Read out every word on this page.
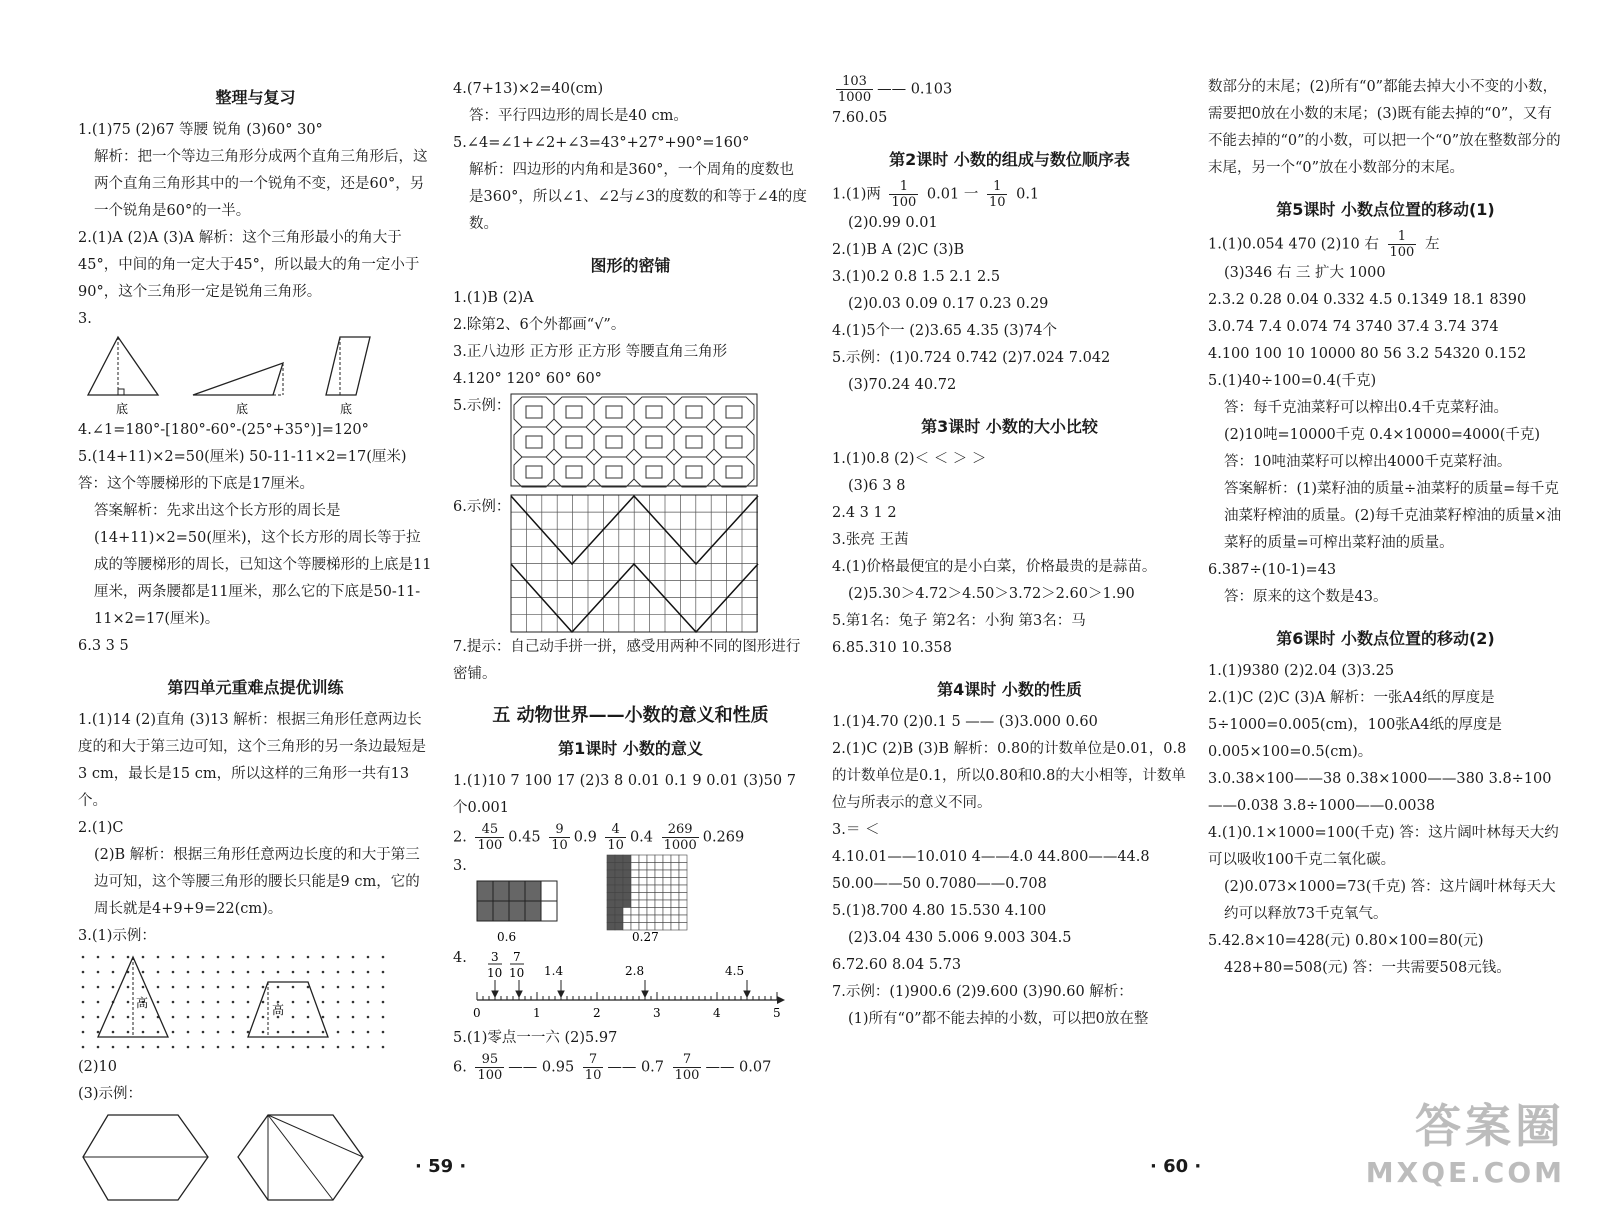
整理与复习

1.(1)75 (2)67 等腰 锐角 (3)60° 30°

解析：把一个等边三角形分成两个直角三角形后，这两个直角三角形其中的一个锐角不变，还是60°，另一个锐角是60°的一半。

2.(1)A (2)A (3)A 解析：这个三角形最小的角大于45°，中间的角一定大于45°，所以最大的角一定小于90°，这个三角形一定是锐角三角形。

3.

底	底	底

4.∠1=180°-[180°-60°-(25°+35°)]=120°

5.(14+11)×2=50(厘米) 50-11-11×2=17(厘米) 答：这个等腰梯形的下底是17厘米。

答案解析：先求出这个长方形的周长是(14+11)×2=50(厘米)，这个长方形的周长等于拉成的等腰梯形的周长，已知这个等腰梯形的上底是11厘米，两条腰都是11厘米，那么它的下底是50-11-11×2=17(厘米)。

6.3 3 5

第四单元重难点提优训练

1.(1)14 (2)直角 (3)13 解析：根据三角形任意两边长度的和大于第三边可知，这个三角形的另一条边最短是3 cm，最长是15 cm，所以这样的三角形一共有13个。

2.(1)C

(2)B 解析：根据三角形任意两边长度的和大于第三边可知，这个等腰三角形的腰长只能是9 cm，它的周长就是4+9+9=22(cm)。

3.(1)示例：

高	高

(2)10

(3)示例：

4.(7+13)×2=40(cm)

答：平行四边形的周长是40 cm。

5.∠4=∠1+∠2+∠3=43°+27°+90°=160°

解析：四边形的内角和是360°，一个周角的度数也是360°，所以∠1、∠2与∠3的度数的和等于∠4的度数。

图形的密铺

1.(1)B (2)A

2.除第2、6个外都画“√”。

3.正八边形 正方形 正方形 等腰直角三角形

4.120° 120° 60° 60°

5.示例：

6.示例：

7.提示：自己动手拼一拼，感受用两种不同的图形进行密铺。

五 动物世界——小数的意义和性质
第1课时 小数的意义

1.(1)10 7 100 17 (2)3 8 0.01 0.1 9 0.01 (3)50 7个0.001

2. $\frac{45}{100} 0.45 \frac{9}{10} 0.9 \frac{4}{10} 0.4 \frac{269}{1000} 0.269$

3.

0.6	0.27

4. 3
10
7
10 1.4	2.8	4.5
0	1	2	3	4	5

5.(1)零点一一六 (2)5.97

6. $\frac{95}{100}$ —— $0.95 \frac{7}{10}$ —— $0.7 \frac{7}{100}$ —— 0.07

$\frac{103}{1000}$ —— 0.103

7.60.05

第2课时 小数的组成与数位顺序表

1.(1)两 $\frac{1}{100} 0.01$ 一 $\frac{1}{10} 0.1$

(2)0.99 0.01

2.(1)B A (2)C (3)B

3.(1)0.2 0.8 1.5 2.1 2.5

(2)0.03 0.09 0.17 0.23 0.29

4.(1)5个一 (2)3.65 4.35 (3)74个

5.示例：(1)0.724 0.742 (2)7.024 7.042

(3)70.24 40.72

第3课时 小数的大小比较

1.(1)0.8 (2)＜ ＜ ＞ ＞

(3)6 3 8

2.4 3 1 2

3.张亮 王茜

4.(1)价格最便宜的是小白菜，价格最贵的是蒜苗。

(2)5.30＞4.72＞4.50＞3.72＞2.60＞1.90

5.第1名：兔子 第2名：小狗 第3名：马

6.85.310 10.358

第4课时 小数的性质

1.(1)4.70 (2)0.1 5 —— (3)3.000 0.60

2.(1)C (2)B (3)B 解析：0.80的计数单位是0.01，0.8的计数单位是0.1，所以0.80和0.8的大小相等，计数单位与所表示的意义不同。

3.＝ ＜

4.10.01——10.010 4——4.0 44.800——44.8 50.00——50 0.7080——0.708

5.(1)8.700 4.80 15.530 4.100

(2)3.04 430 5.006 9.003 304.5

6.72.60 8.04 5.73

7.示例：(1)900.6 (2)9.600 (3)90.60 解析：

(1)所有“0”都不能去掉的小数，可以把0放在整

数部分的末尾；(2)所有“0”都能去掉大小不变的小数，需要把0放在小数的末尾；(3)既有能去掉的“0”，又有不能去掉的“0”的小数，可以把一个“0”放在整数部分的末尾，另一个“0”放在小数部分的末尾。

第5课时 小数点位置的移动(1)

1.(1)0.054 470 (2)10 右 $\frac{1}{100}$ 左

(3)346 右 三 扩大 1000

2.3.2 0.28 0.04 0.332 4.5 0.1349 18.1 8390

3.0.74 7.4 0.074 74 3740 37.4 3.74 374

4.100 100 10 10000 80 56 3.2 54320 0.152

5.(1)40÷100=0.4(千克)

答：每千克油菜籽可以榨出0.4千克菜籽油。

(2)10吨=10000千克 0.4×10000=4000(千克)

答：10吨油菜籽可以榨出4000千克菜籽油。

答案解析：(1)菜籽油的质量÷油菜籽的质量=每千克油菜籽榨油的质量。(2)每千克油菜籽榨油的质量×油菜籽的质量=可榨出菜籽油的质量。

6.387÷(10-1)=43

答：原来的这个数是43。

第6课时 小数点位置的移动(2)

1.(1)9380 (2)2.04 (3)3.25

2.(1)C (2)C (3)A 解析：一张A4纸的厚度是5÷1000=0.005(cm)，100张A4纸的厚度是0.005×100=0.5(cm)。

3.0.38×100——38 0.38×1000——380 3.8÷100——0.038 3.8÷1000——0.0038

4.(1)0.1×1000=100(千克) 答：这片阔叶林每天大约可以吸收100千克二氧化碳。

(2)0.073×1000=73(千克) 答：这片阔叶林每天大约可以释放73千克氧气。

5.42.8×10=428(元) 0.80×100=80(元)

428+80=508(元) 答：一共需要508元钱。

· 59 ·	· 60 ·
答案圈
MXQE.COM
